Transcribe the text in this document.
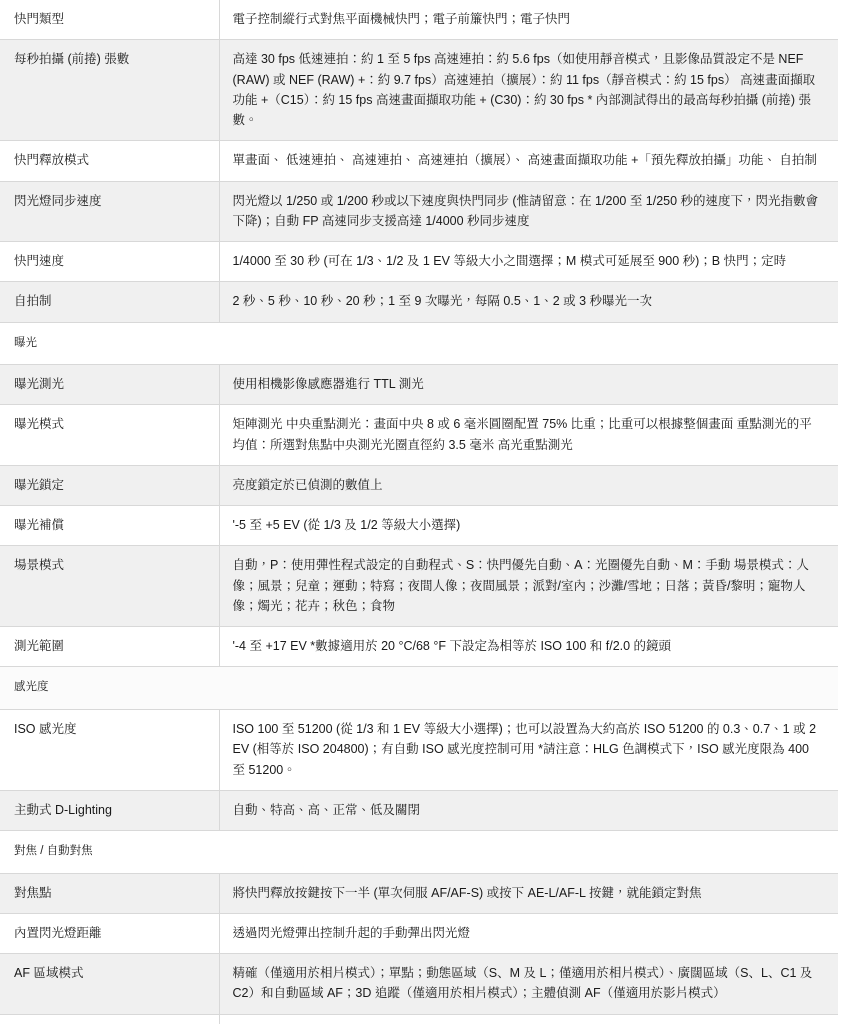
快門類型	電子控制縱行式對焦平面機械快門；電子前簾快門；電子快門
每秒拍攝 (前捲) 張數	高達 30 fps 低速連拍：約 1 至 5 fps 高速連拍：約 5.6 fps（如使用靜音模式，且影像品質設定不是 NEF (RAW) 或 NEF (RAW) +：約 9.7 fps）高速連拍（擴展）：約 11 fps（靜音模式：約 15 fps） 高速畫面擷取功能 +（C15）：約 15 fps 高速畫面擷取功能 + (C30)：約 30 fps * 內部測試得出的最高每秒拍攝 (前捲) 張數。
快門釋放模式	單畫面、 低速連拍、 高速連拍、 高速連拍（擴展）、 高速畫面擷取功能 +「預先釋放拍攝」功能、 自拍制
閃光燈同步速度	閃光燈以 1/250 或 1/200 秒或以下速度與快門同步 (惟請留意：在 1/200 至 1/250 秒的速度下，閃光指數會下降)；自動 FP 高速同步支援高達 1/4000 秒同步速度
快門速度	1/4000 至 30 秒 (可在 1/3、1/2 及 1 EV 等級大小之間選擇；M 模式可延展至 900 秒)；B 快門；定時
自拍制	2 秒、5 秒、10 秒、20 秒；1 至 9 次曝光，每隔 0.5、1、2 或 3 秒曝光一次
曝光	
曝光測光	使用相機影像感應器進行 TTL 測光
曝光模式	矩陣測光 中央重點測光：畫面中央 8 或 6 毫米圓圈配置 75% 比重；比重可以根據整個畫面 重點測光的平均值：所選對焦點中央測光光圈直徑約 3.5 毫米 高光重點測光
曝光鎖定	亮度鎖定於已偵測的數值上
曝光補償	'-5 至 +5 EV (從 1/3 及 1/2 等級大小選擇)
場景模式	自動，P：使用彈性程式設定的自動程式、S：快門優先自動、A：光圈優先自動、M：手動 場景模式：人像；風景；兒童；運動；特寫；夜間人像；夜間風景；派對/室內；沙灘/雪地；日落；黃昏/黎明；寵物人像；燭光；花卉；秋色；食物
測光範圍	'-4 至 +17 EV *數據適用於 20 °C/68 °F 下設定為相等於 ISO 100 和 f/2.0 的鏡頭
感光度	
ISO 感光度	ISO 100 至 51200 (從 1/3 和 1 EV 等級大小選擇)；也可以設置為大約高於 ISO 51200 的 0.3、0.7、1 或 2 EV (相等於 ISO 204800)；有自動 ISO 感光度控制可用 *請注意：HLG 色調模式下，ISO 感光度限為 400 至 51200。
主動式 D-Lighting	自動、特高、高、正常、低及關閉
對焦 / 自動對焦	
對焦點	將快門釋放按鍵按下一半 (單次伺服 AF/AF-S) 或按下 AE-L/AF-L 按鍵，就能鎖定對焦
內置閃光燈距離	透過閃光燈彈出控制升起的手動彈出閃光燈
AF 區域模式	精確（僅適用於相片模式）；單點；動態區域（S、M 及 L；僅適用於相片模式）、廣闊區域（S、L、C1 及 C2）和自動區域 AF；3D 追蹤（僅適用於相片模式）；主體偵測 AF（僅適用於影片模式）
